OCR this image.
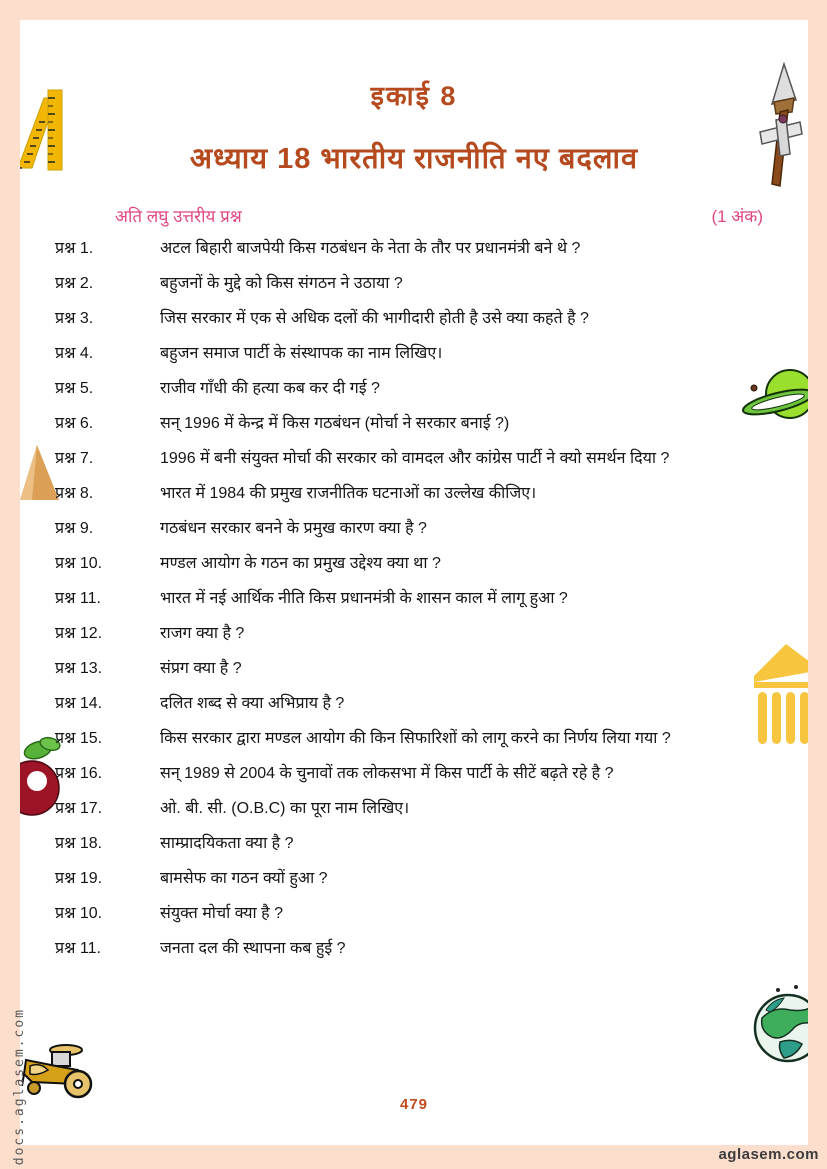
इकाई 8
अध्याय 18 भारतीय राजनीति नए बदलाव
अति लघु उत्तरीय प्रश्न	(1 अंक)
प्रश्न 1.	अटल बिहारी बाजपेयी किस गठबंधन के नेता के तौर पर प्रधानमंत्री बने थे ?
प्रश्न 2.	बहुजनों के मुद्दे को किस संगठन ने उठाया ?
प्रश्न 3.	जिस सरकार में एक से अधिक दलों की भागीदारी होती है उसे क्या कहते है ?
प्रश्न 4.	बहुजन समाज पार्टी के संस्थापक का नाम लिखिए।
प्रश्न 5.	राजीव गाँधी की हत्या कब कर दी गई ?
प्रश्न 6.	सन् 1996 में केन्द्र में किस गठबंधन (मोर्चा ने सरकार बनाई ?)
प्रश्न 7.	1996 में बनी संयुक्त मोर्चा की सरकार को वामदल और कांग्रेस पार्टी ने क्यो समर्थन दिया ?
प्रश्न 8.	भारत में 1984 की प्रमुख राजनीतिक घटनाओं का उल्लेख कीजिए।
प्रश्न 9.	गठबंधन सरकार बनने के प्रमुख कारण क्या है ?
प्रश्न 10.	मण्डल आयोग के गठन का प्रमुख उद्देश्य क्या था ?
प्रश्न 11.	भारत में नई आर्थिक नीति किस प्रधानमंत्री के शासन काल में लागू हुआ ?
प्रश्न 12.	राजग क्या है ?
प्रश्न 13.	संप्रग क्या है ?
प्रश्न 14.	दलित शब्द से क्या अभिप्राय है ?
प्रश्न 15.	किस सरकार द्वारा मण्डल आयोग की किन सिफारिशों को लागू करने का निर्णय लिया गया ?
प्रश्न 16.	सन् 1989 से 2004 के चुनावों तक लोकसभा में किस पार्टी के सीटें बढ़ते रहे है ?
प्रश्न 17.	ओ. बी. सी. (O.B.C) का पूरा नाम लिखिए।
प्रश्न 18.	साम्प्रादयिकता क्या है ?
प्रश्न 19.	बामसेफ का गठन क्यों हुआ ?
प्रश्न 10.	संयुक्त मोर्चा क्या है ?
प्रश्न 11.	जनता दल की स्थापना कब हुई ?
479
docs.aglasem.com	aglasem.com
